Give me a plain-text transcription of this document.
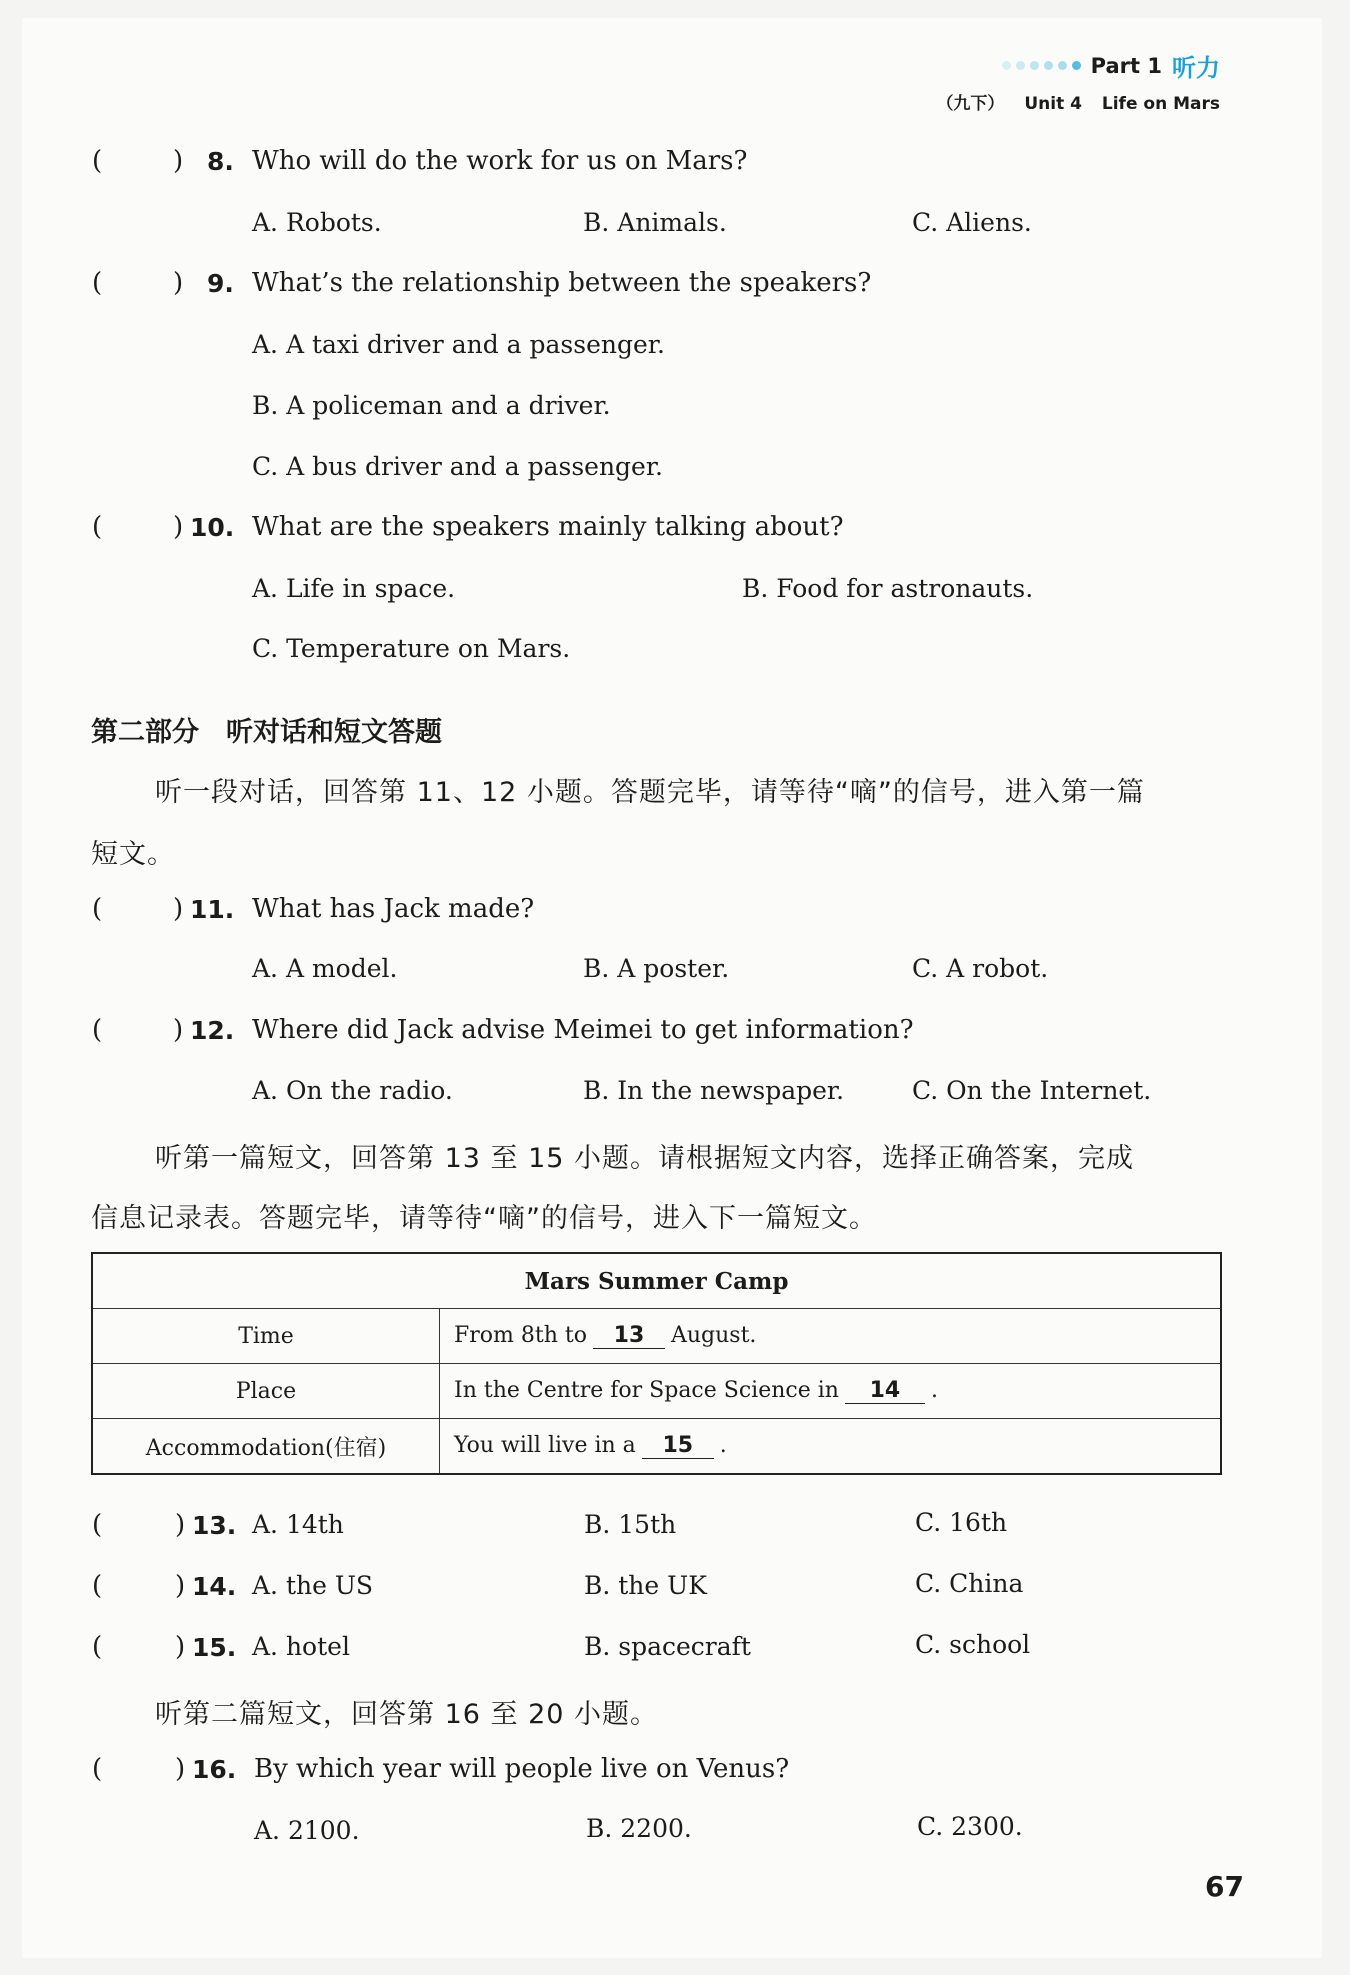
Part 1 听力
（九下） Unit 4 Life on Mars
(	) 8. Who will do the work for us on Mars?
A. Robots.	B. Animals.	C. Aliens.
(	) 9. What’s the relationship between the speakers?
A. A taxi driver and a passenger.
B. A policeman and a driver.
C. A bus driver and a passenger.
(	) 10. What are the speakers mainly talking about?
A. Life in space.	B. Food for astronauts.
C. Temperature on Mars.
第二部分　听对话和短文答题
听一段对话，回答第 11、12 小题。答题完毕，请等待“嘀”的信号，进入第一篇
短文。
(	) 11. What has Jack made?
A. A model.	B. A poster.	C. A robot.
(	) 12. Where did Jack advise Meimei to get information?
A. On the radio.	B. In the newspaper.	C. On the Internet.
听第一篇短文，回答第 13 至 15 小题。请根据短文内容，选择正确答案，完成
信息记录表。答题完毕，请等待“嘀”的信号，进入下一篇短文。
Mars Summer Camp	
Time	From 8th to 13 August.
Place	In the Centre for Space Science in 14 .
Accommodation(住宿)	You will live in a 15 .
(	) 13. A. 14th	B. 15th	C. 16th
(	) 14. A. the US	B. the UK	C. China
(	) 15. A. hotel	B. spacecraft	C. school
听第二篇短文，回答第 16 至 20 小题。
(	) 16. By which year will people live on Venus?
A. 2100.	B. 2200.	C. 2300.
67
